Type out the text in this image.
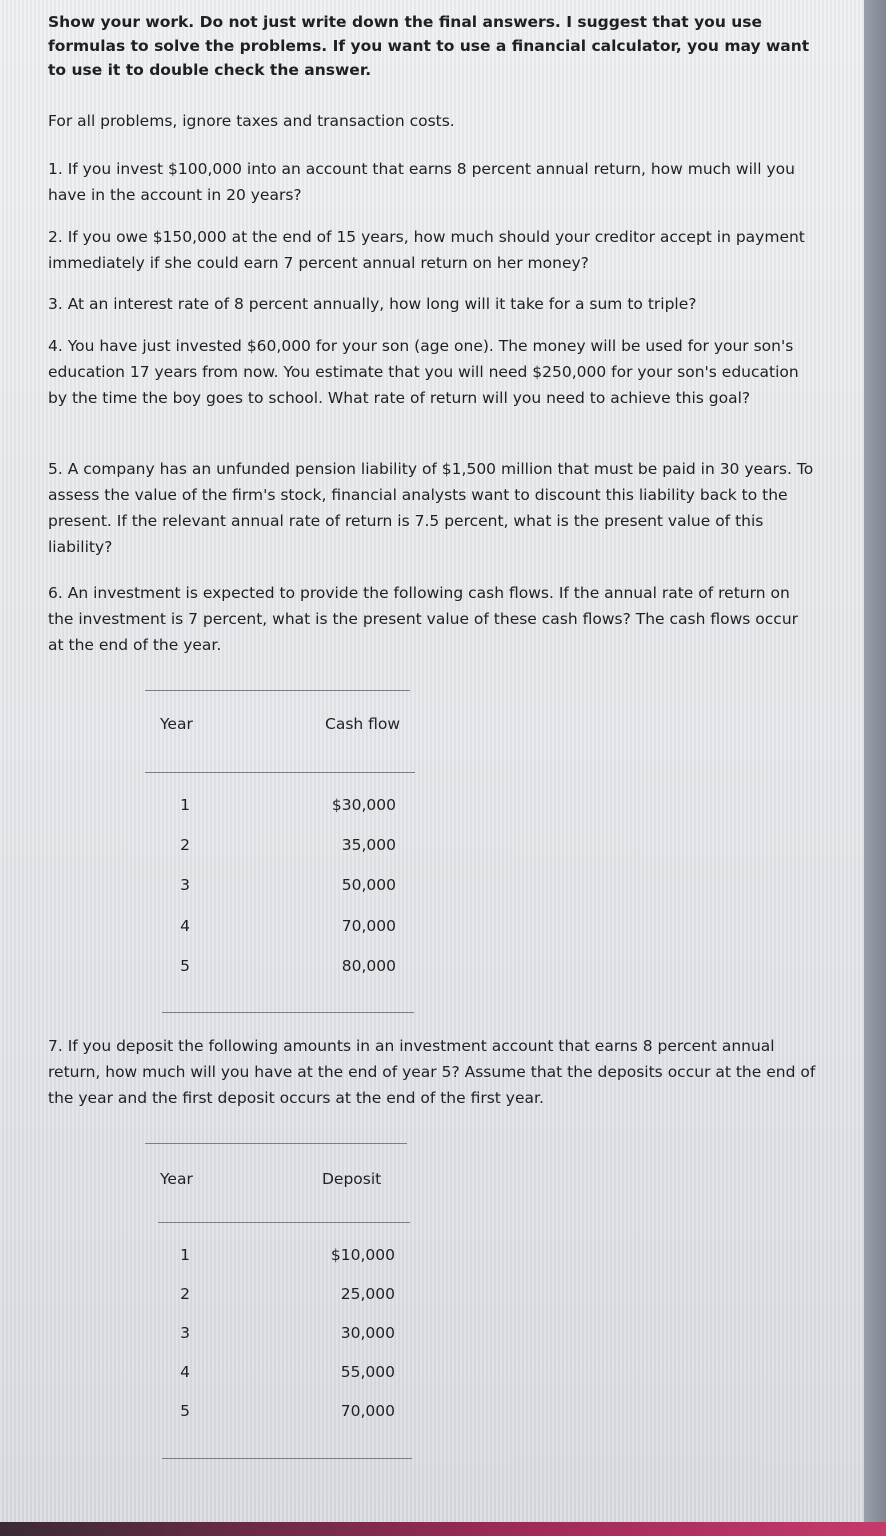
Show your work. Do not just write down the final answers. I suggest that you use formulas to solve the problems. If you want to use a financial calculator, you may want to use it to double check the answer.

For all problems, ignore taxes and transaction costs.

1. If you invest $100,000 into an account that earns 8 percent annual return, how much will you have in the account in 20 years?

2. If you owe $150,000 at the end of 15 years, how much should your creditor accept in payment immediately if she could earn 7 percent annual return on her money?

3. At an interest rate of 8 percent annually, how long will it take for a sum to triple?

4. You have just invested $60,000 for your son (age one). The money will be used for your son's education 17 years from now. You estimate that you will need $250,000 for your son's education by the time the boy goes to school. What rate of return will you need to achieve this goal?

5. A company has an unfunded pension liability of $1,500 million that must be paid in 30 years. To assess the value of the firm's stock, financial analysts want to discount this liability back to the present. If the relevant annual rate of return is 7.5 percent, what is the present value of this liability?

6. An investment is expected to provide the following cash flows. If the annual rate of return on the investment is 7 percent, what is the present value of these cash flows? The cash flows occur at the end of the year.

Year	Cash flow

1	$30,000

2	35,000

3	50,000

4	70,000

5	80,000

7. If you deposit the following amounts in an investment account that earns 8 percent annual return, how much will you have at the end of year 5? Assume that the deposits occur at the end of the year and the first deposit occurs at the end of the first year.

Year	Deposit

1	$10,000

2	25,000

3	30,000

4	55,000

5	70,000
